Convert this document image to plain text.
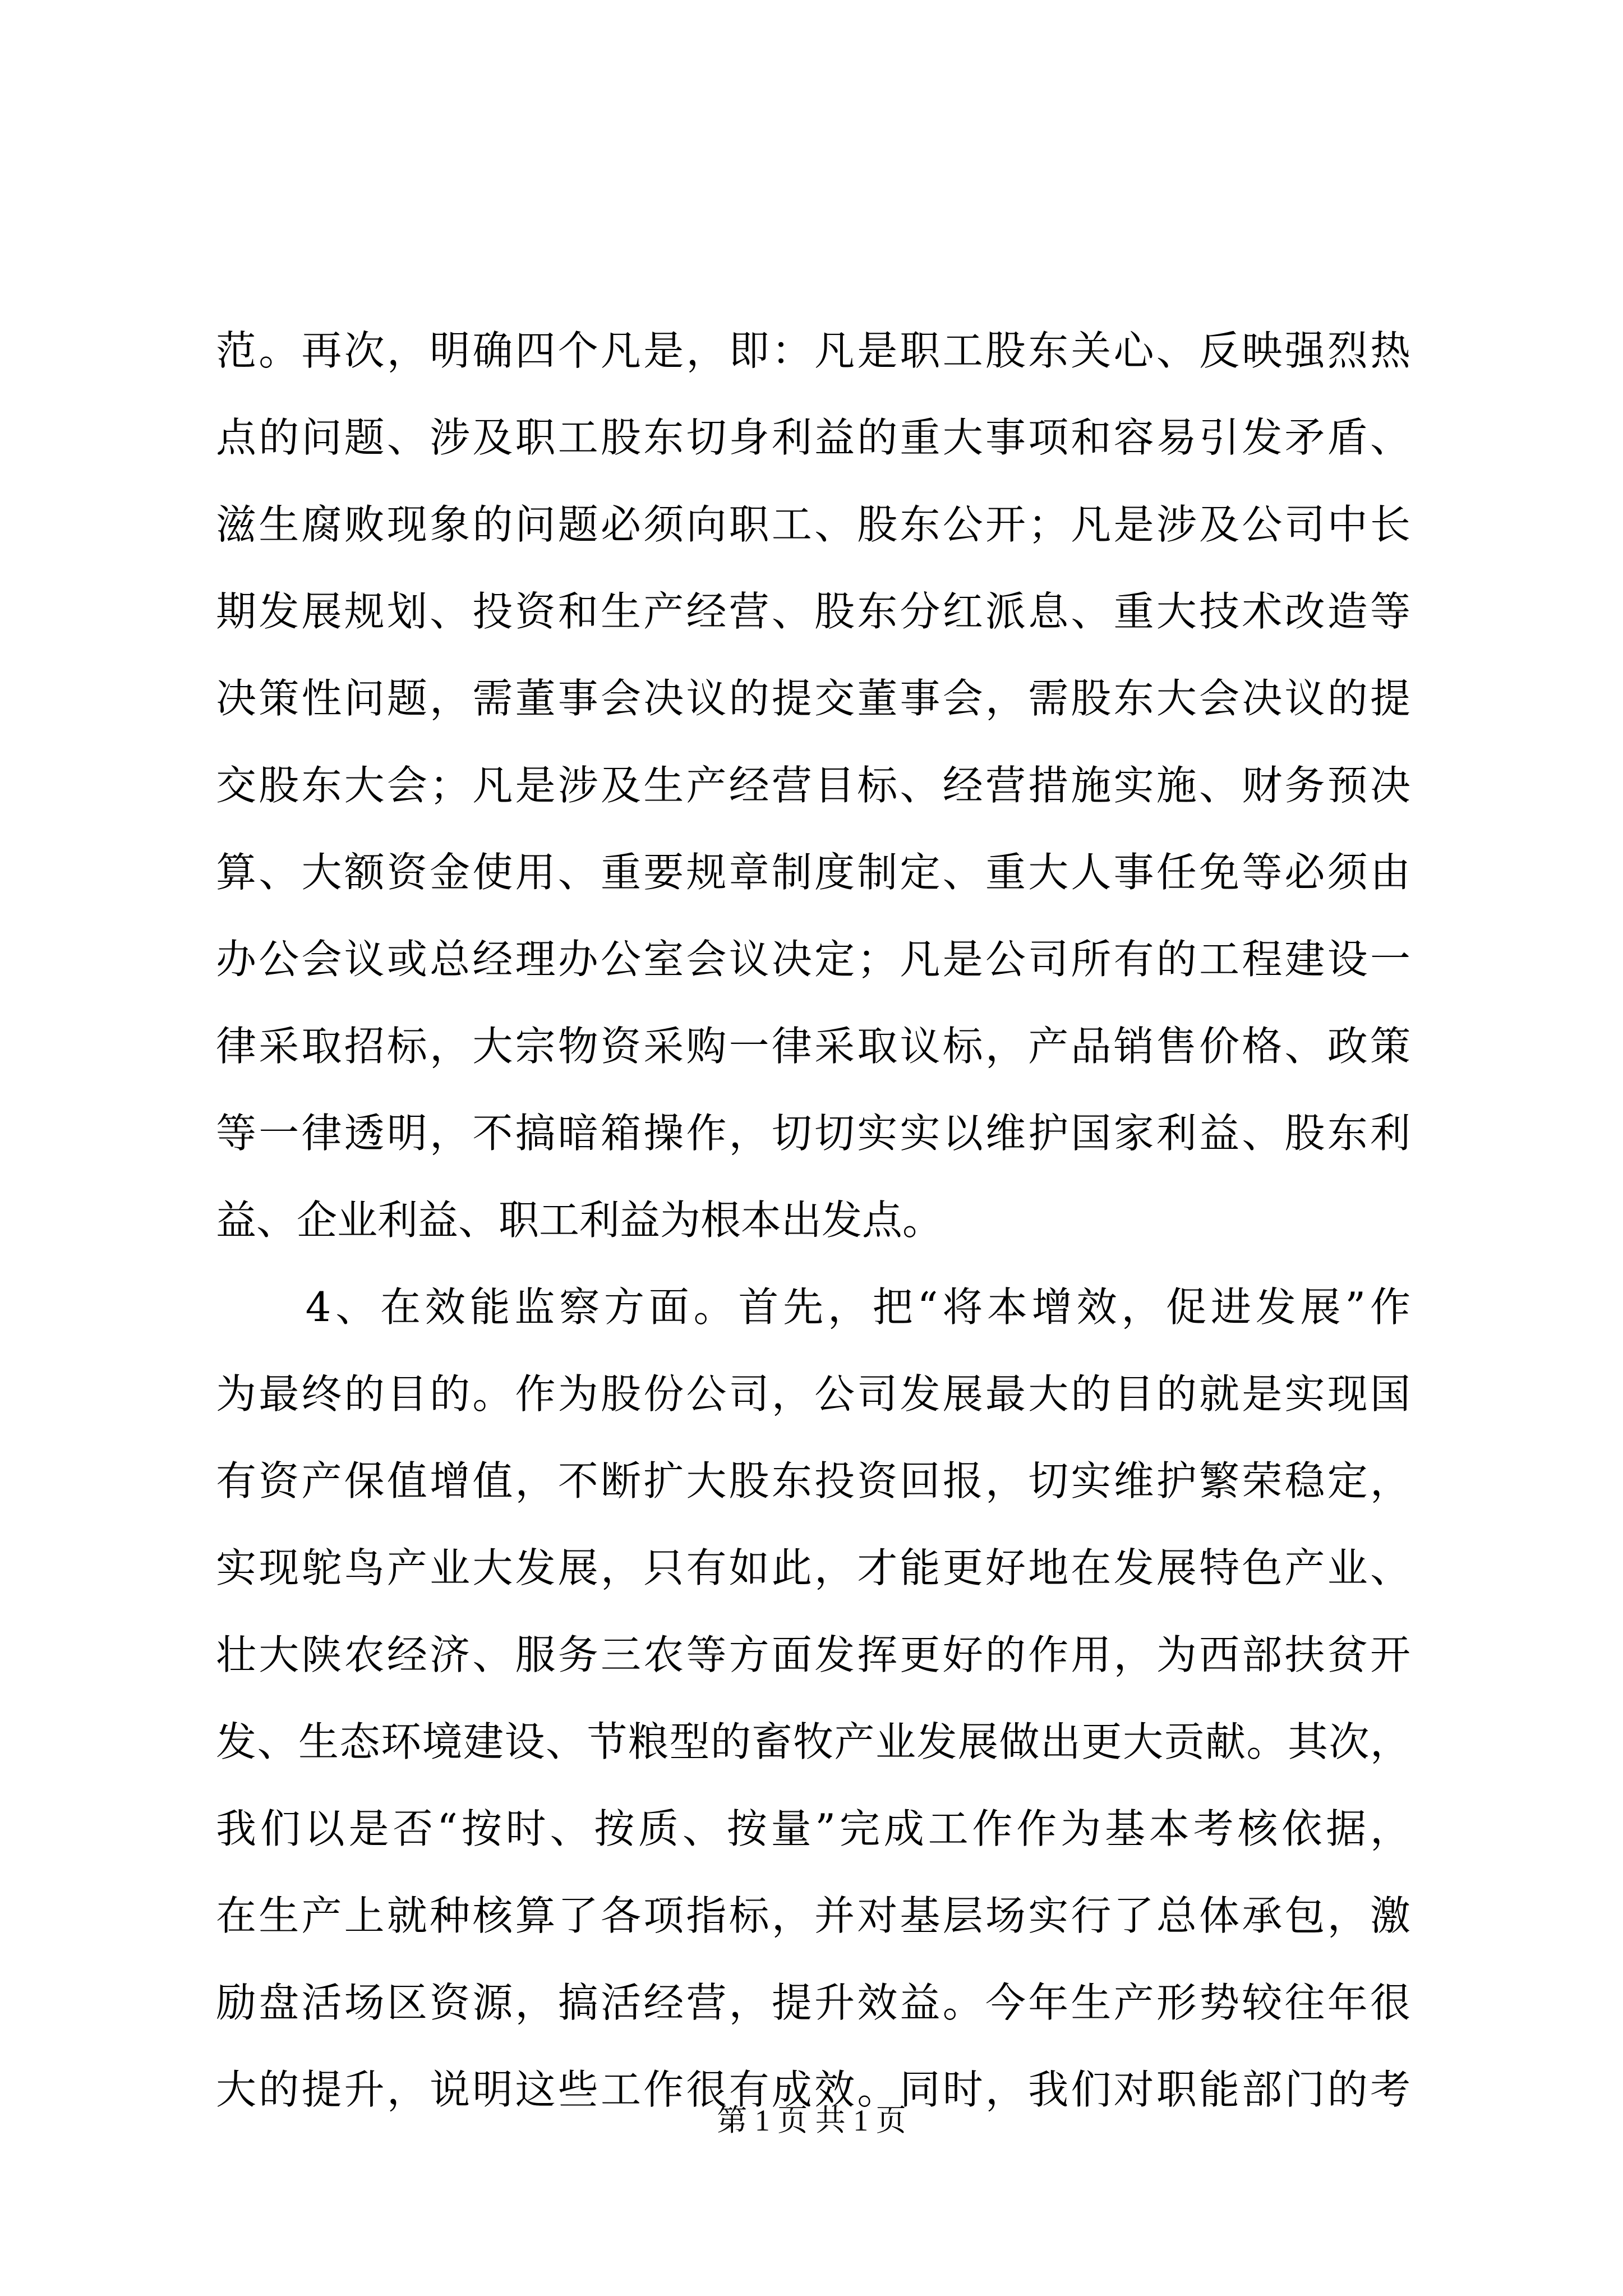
范。再次，明确四个凡是，即：凡是职工股东关心、反映强烈热
点的问题、涉及职工股东切身利益的重大事项和容易引发矛盾、
滋生腐败现象的问题必须向职工、股东公开；凡是涉及公司中长
期发展规划、投资和生产经营、股东分红派息、重大技术改造等
决策性问题，需董事会决议的提交董事会，需股东大会决议的提
交股东大会；凡是涉及生产经营目标、经营措施实施、财务预决
算、大额资金使用、重要规章制度制定、重大人事任免等必须由
办公会议或总经理办公室会议决定；凡是公司所有的工程建设一
律采取招标，大宗物资采购一律采取议标，产品销售价格、政策
等一律透明，不搞暗箱操作，切切实实以维护国家利益、股东利
益、企业利益、职工利益为根本出发点。
　　4、在效能监察方面。首先，把“将本增效，促进发展”作
为最终的目的。作为股份公司，公司发展最大的目的就是实现国
有资产保值增值，不断扩大股东投资回报，切实维护繁荣稳定，
实现鸵鸟产业大发展，只有如此，才能更好地在发展特色产业、
壮大陕农经济、服务三农等方面发挥更好的作用，为西部扶贫开
发、生态环境建设、节粮型的畜牧产业发展做出更大贡献。其次，
我们以是否“按时、按质、按量”完成工作作为基本考核依据，
在生产上就种核算了各项指标，并对基层场实行了总体承包，激
励盘活场区资源，搞活经营，提升效益。今年生产形势较往年很
大的提升，说明这些工作很有成效。同时，我们对职能部门的考
第 1 页 共 1 页
